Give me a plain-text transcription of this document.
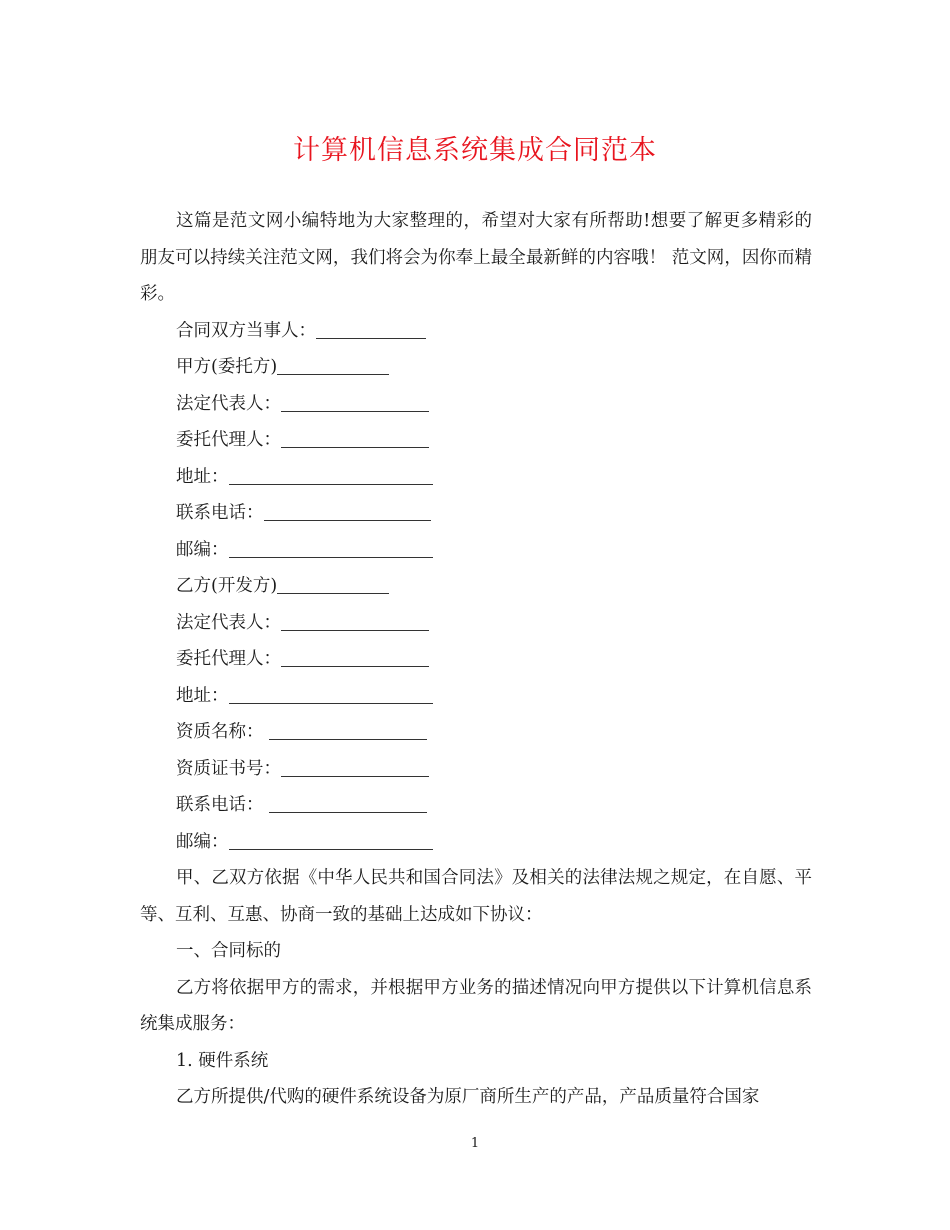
计算机信息系统集成合同范本

这篇是范文网小编特地为大家整理的，希望对大家有所帮助!想要了解更多精彩的朋友可以持续关注范文网，我们将会为你奉上最全最新鲜的内容哦！ 范文网，因你而精彩。

合同双方当事人：

甲方(委托方)

法定代表人：

委托代理人：

地址：

联系电话：

邮编：

乙方(开发方)

法定代表人：

委托代理人：

地址：

资质名称：

资质证书号：

联系电话：

邮编：

甲、乙双方依据《中华人民共和国合同法》及相关的法律法规之规定，在自愿、平等、互利、互惠、协商一致的基础上达成如下协议：

一、合同标的

乙方将依据甲方的需求，并根据甲方业务的描述情况向甲方提供以下计算机信息系统集成服务：

1. 硬件系统

乙方所提供/代购的硬件系统设备为原厂商所生产的产品，产品质量符合国家

1
